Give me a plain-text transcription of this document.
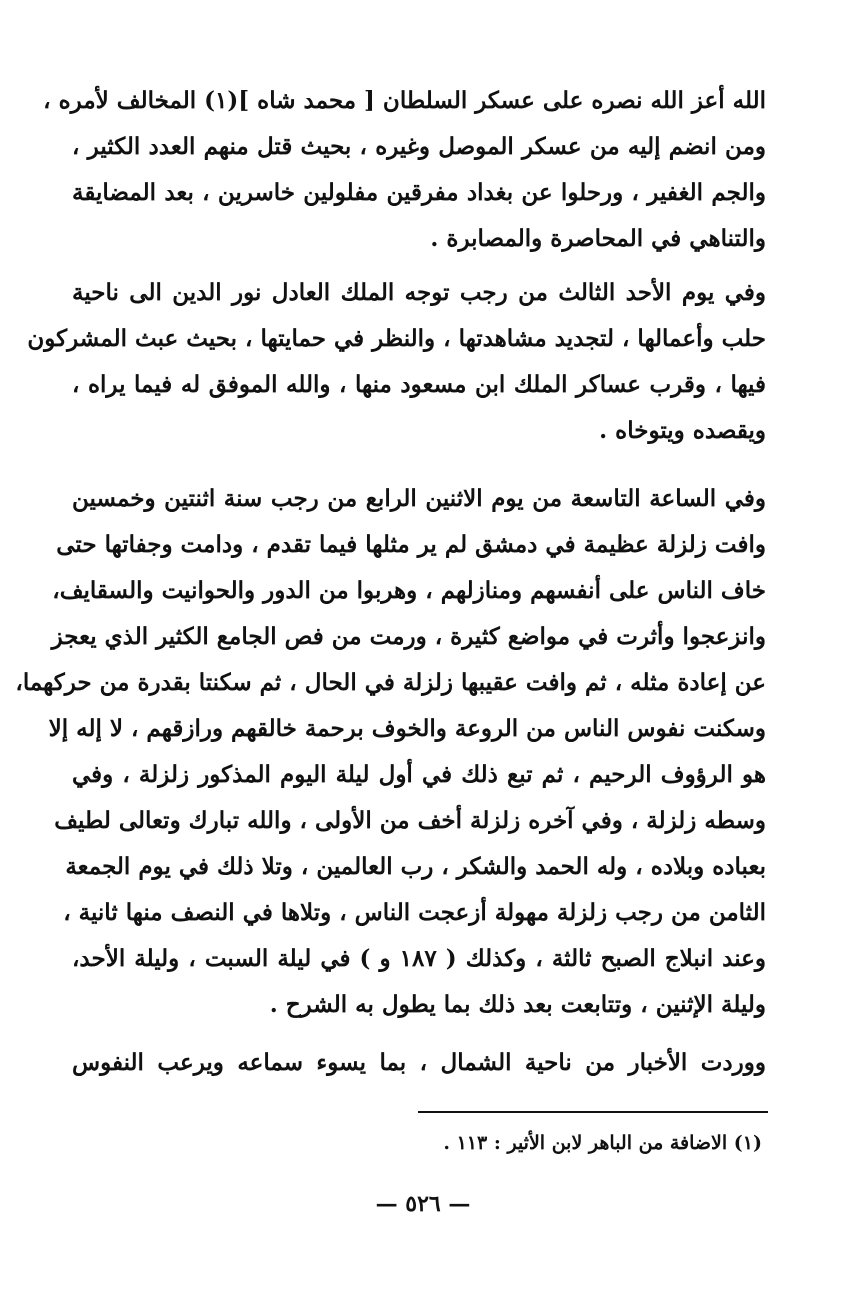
الله أعز الله نصره على عسكر السلطان [ محمد شاه ](١) المخالف لأمره ،
ومن انضم إليه من عسكر الموصل وغيره ، بحيث قتل منهم العدد الكثير ،
والجم الغفير ، ورحلوا عن بغداد مفرقين مفلولين خاسرين ، بعد المضايقة
والتناهي في المحاصرة والمصابرة .
وفي يوم الأحد الثالث من رجب توجه الملك العادل نور الدين الى ناحية
حلب وأعمالها ، لتجديد مشاهدتها ، والنظر في حمايتها ، بحيث عبث المشركون
فيها ، وقرب عساكر الملك ابن مسعود منها ، والله الموفق له فيما يراه ،
ويقصده ويتوخاه .
وفي الساعة التاسعة من يوم الاثنين الرابع من رجب سنة اثنتين وخمسين
وافت زلزلة عظيمة في دمشق لم ير مثلها فيما تقدم ، ودامت وجفاتها حتى
خاف الناس على أنفسهم ومنازلهم ، وهربوا من الدور والحوانيت والسقايف،
وانزعجوا وأثرت في مواضع كثيرة ، ورمت من فص الجامع الكثير الذي يعجز
عن إعادة مثله ، ثم وافت عقيبها زلزلة في الحال ، ثم سكنتا بقدرة من حركهما،
وسكنت نفوس الناس من الروعة والخوف برحمة خالقهم ورازقهم ، لا إله إلا
هو الرؤوف الرحيم ، ثم تبع ذلك في أول ليلة اليوم المذكور زلزلة ، وفي
وسطه زلزلة ، وفي آخره زلزلة أخف من الأولى ، والله تبارك وتعالى لطيف
بعباده وبلاده ، وله الحمد والشكر ، رب العالمين ، وتلا ذلك في يوم الجمعة
الثامن من رجب زلزلة مهولة أزعجت الناس ، وتلاها في النصف منها ثانية ،
وعند انبلاج الصبح ثالثة ، وكذلك ( ١٨٧ و ) في ليلة السبت ، وليلة الأحد،
وليلة الإثنين ، وتتابعت بعد ذلك بما يطول به الشرح .
ووردت الأخبار من ناحية الشمال ، بما يسوء سماعه ويرعب النفوس
(١) الاضافة من الباهر لابن الأثير : ١١٣ .
— ٥٢٦ —
